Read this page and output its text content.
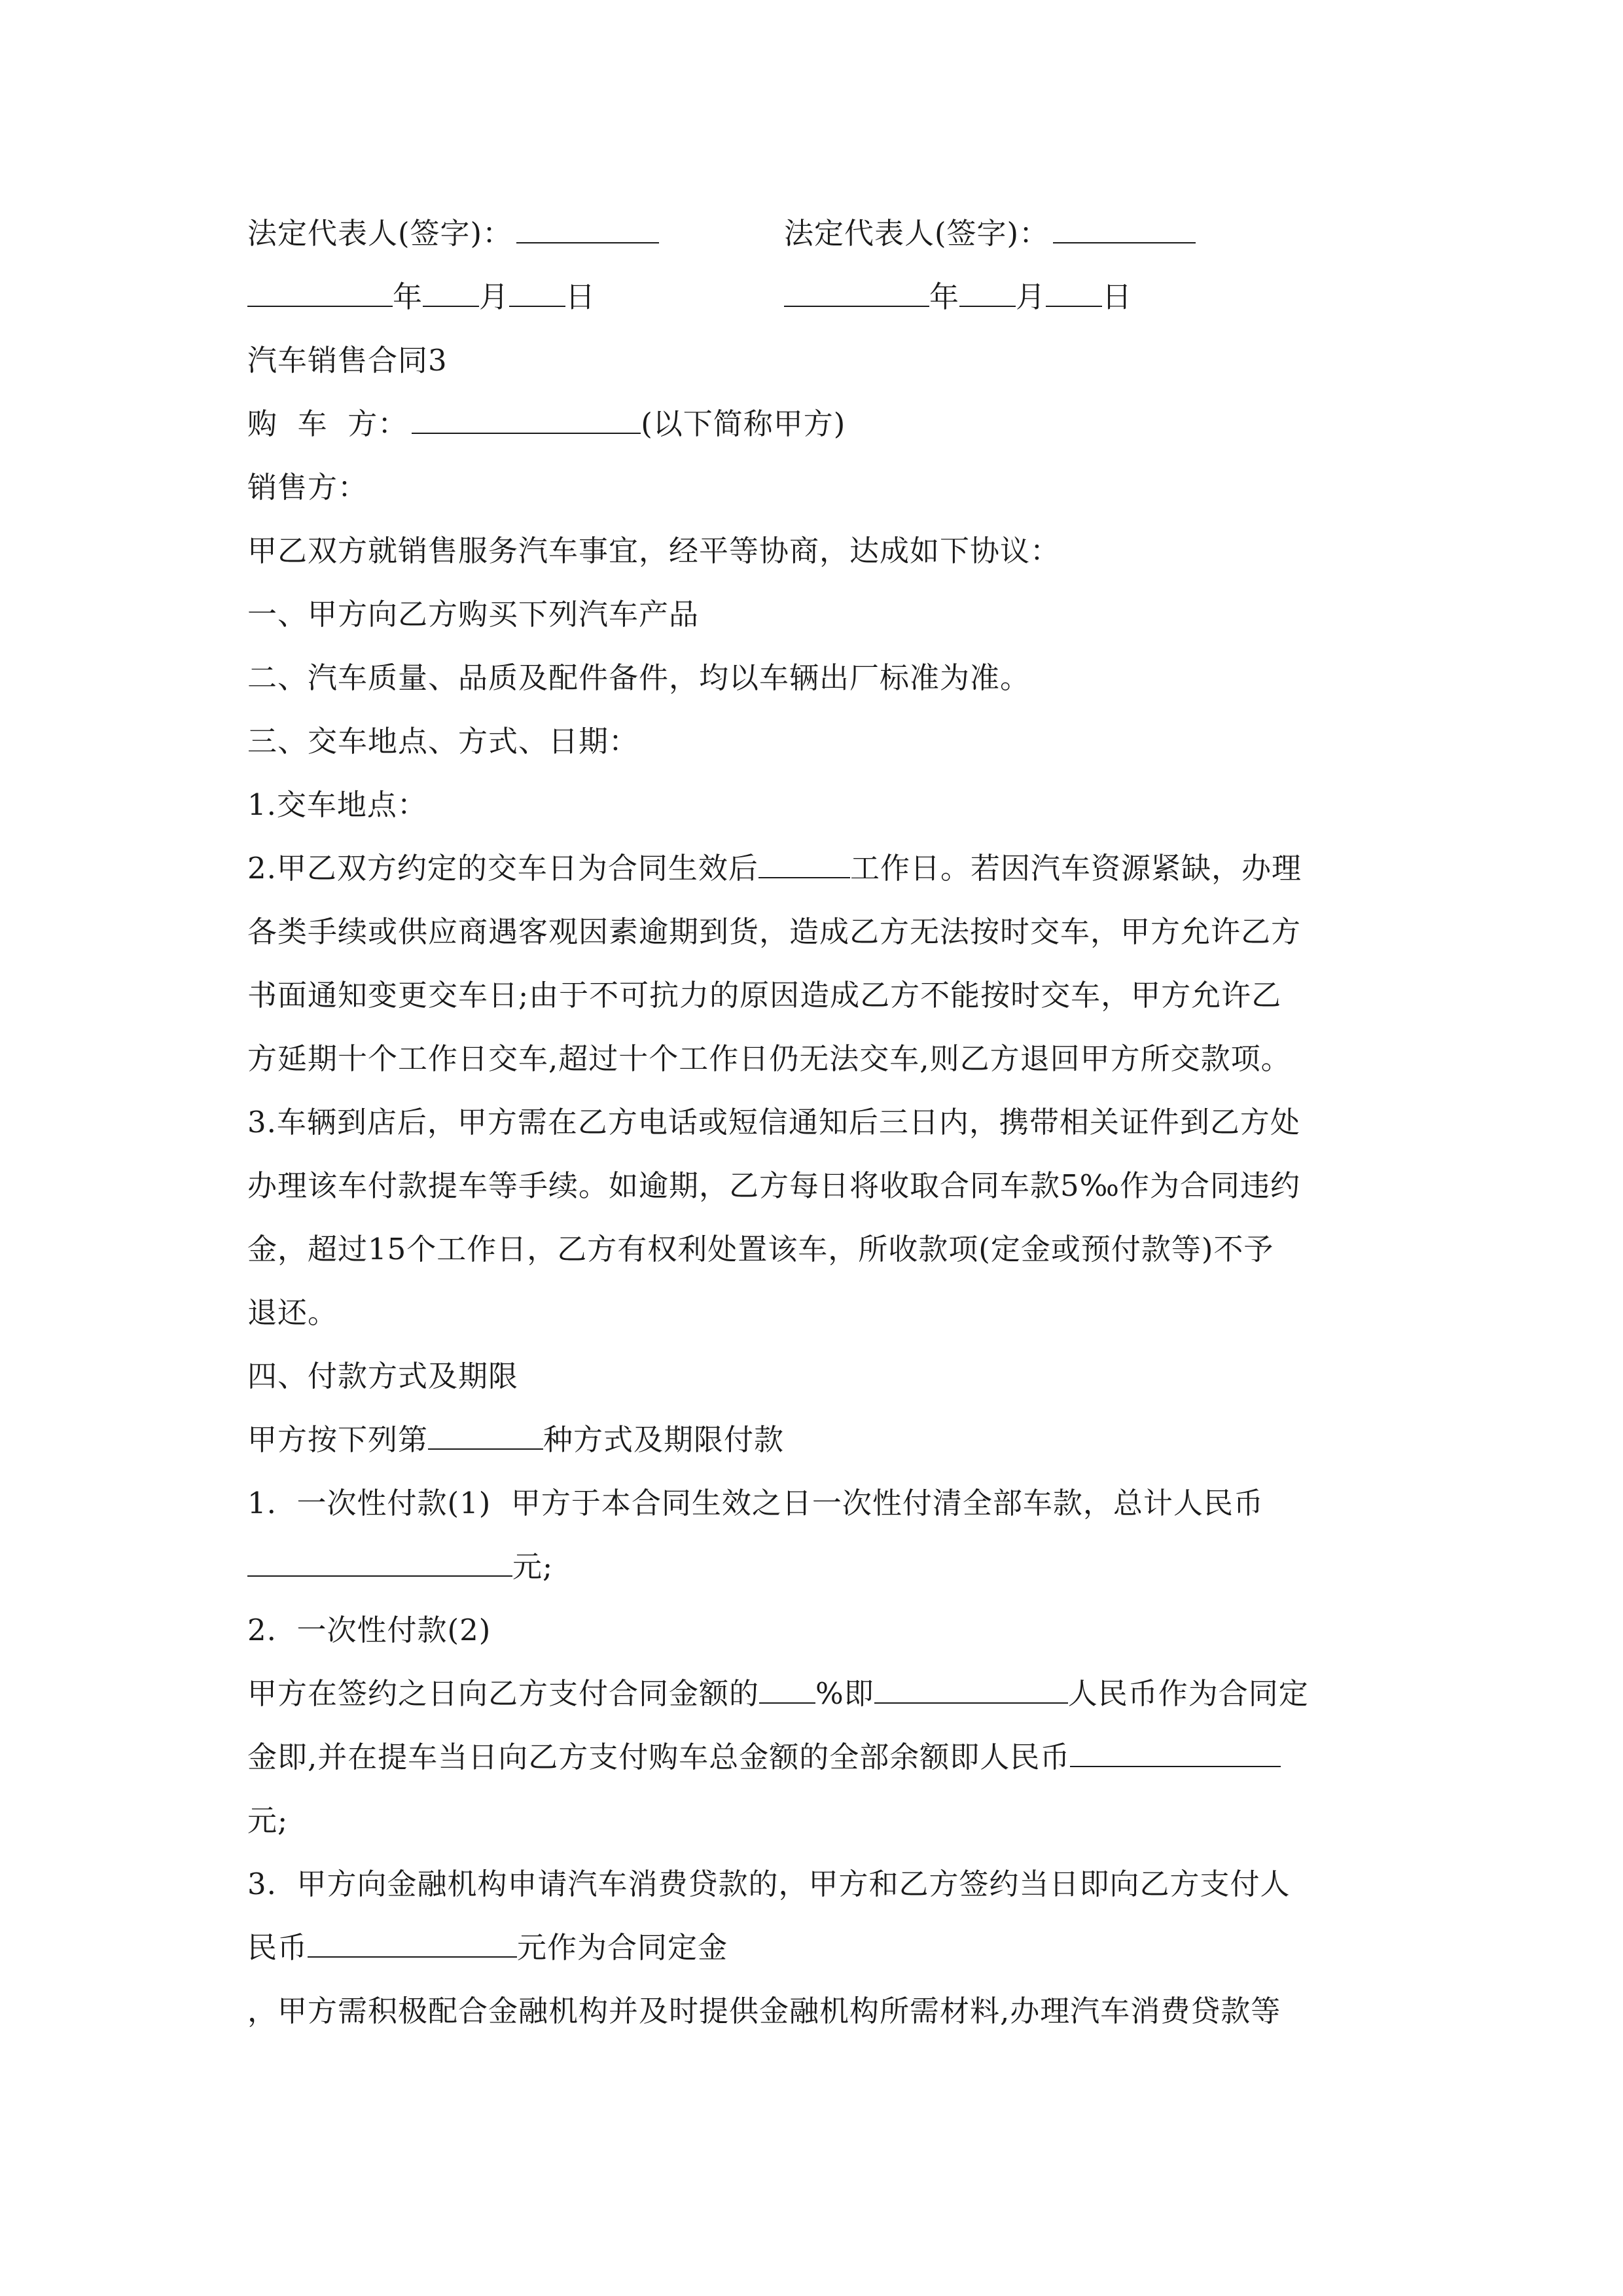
法定代表人(签字)：	法定代表人(签字)：
年 月 日	年 月 日
汽车销售合同3
购  车  方：	(以下简称甲方)
销售方：
甲乙双方就销售服务汽车事宜，经平等协商，达成如下协议：
一、甲方向乙方购买下列汽车产品
二、汽车质量、品质及配件备件，均以车辆出厂标准为准。
三、交车地点、方式、日期：
1.交车地点：
2.甲乙双方约定的交车日为合同生效后	工作日。若因汽车资源紧缺，办理
各类手续或供应商遇客观因素逾期到货，造成乙方无法按时交车，甲方允许乙方
书面通知变更交车日;由于不可抗力的原因造成乙方不能按时交车，甲方允许乙
方延期十个工作日交车,超过十个工作日仍无法交车,则乙方退回甲方所交款项。
3.车辆到店后，甲方需在乙方电话或短信通知后三日内，携带相关证件到乙方处
办理该车付款提车等手续。如逾期，乙方每日将收取合同车款5‰作为合同违约
金，超过15个工作日，乙方有权利处置该车，所收款项(定金或预付款等)不予
退还。
四、付款方式及期限
甲方按下列第	种方式及期限付款
1.  一次性付款(1)  甲方于本合同生效之日一次性付清全部车款，总计人民币
元;
2.  一次性付款(2)
甲方在签约之日向乙方支付合同金额的 %即	人民币作为合同定
金即,并在提车当日向乙方支付购车总金额的全部余额即人民币
元;
3.  甲方向金融机构申请汽车消费贷款的，甲方和乙方签约当日即向乙方支付人
民币	元作为合同定金
，甲方需积极配合金融机构并及时提供金融机构所需材料,办理汽车消费贷款等
